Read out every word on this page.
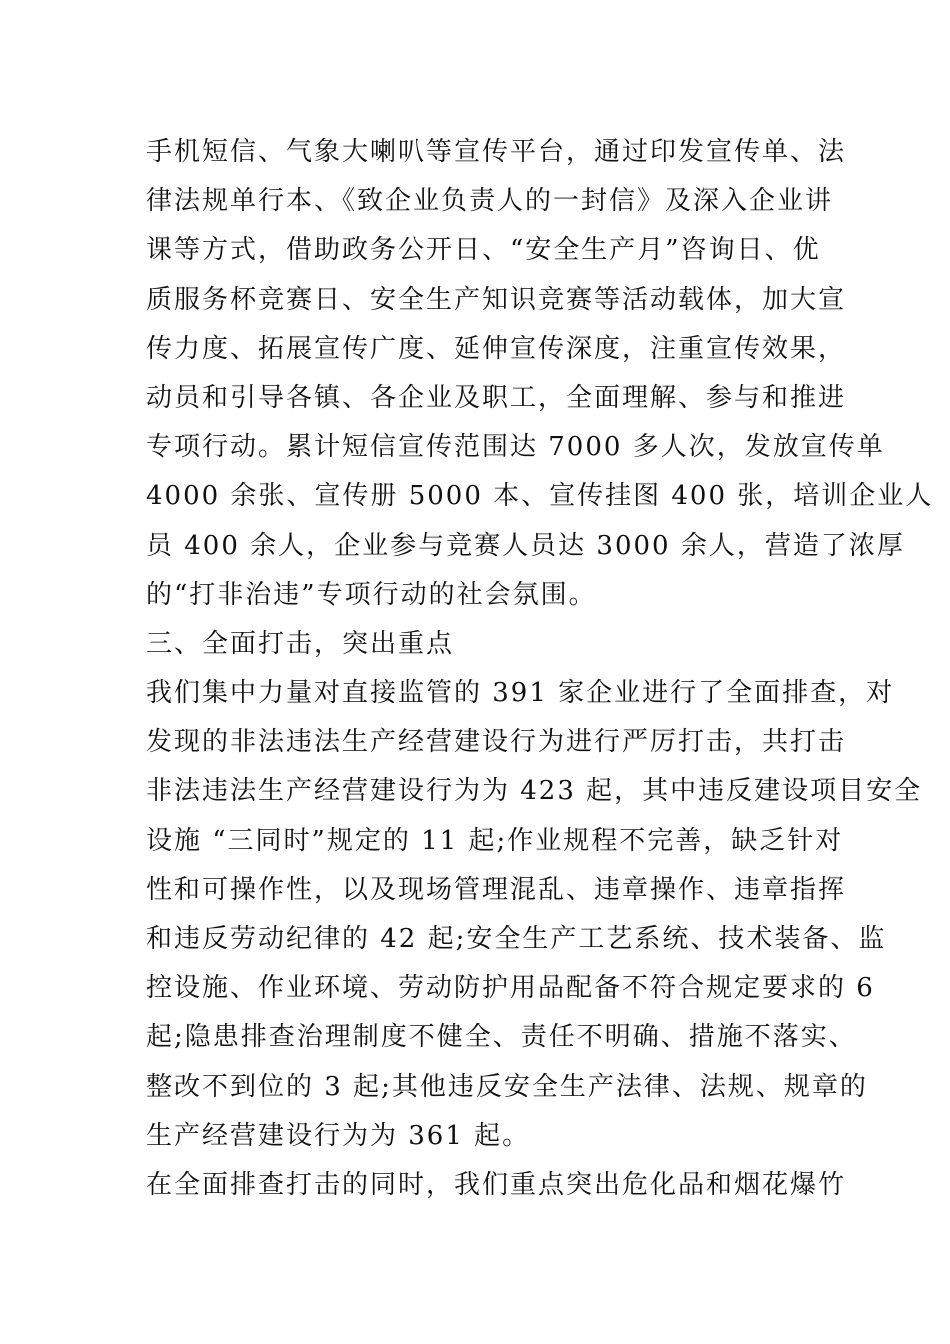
手机短信、气象大喇叭等宣传平台，通过印发宣传单、法
律法规单行本、《致企业负责人的一封信》及深入企业讲
课等方式，借助政务公开日、“安全生产月”咨询日、优
质服务杯竞赛日、安全生产知识竞赛等活动载体，加大宣
传力度、拓展宣传广度、延伸宣传深度，注重宣传效果，
动员和引导各镇、各企业及职工，全面理解、参与和推进
专项行动。累计短信宣传范围达 7000 多人次，发放宣传单
4000 余张、宣传册 5000 本、宣传挂图 400 张，培训企业人
员 400 余人，企业参与竞赛人员达 3000 余人，营造了浓厚
的“打非治违”专项行动的社会氛围。
三、全面打击，突出重点
我们集中力量对直接监管的 391 家企业进行了全面排查，对
发现的非法违法生产经营建设行为进行严厉打击，共打击
非法违法生产经营建设行为为 423 起，其中违反建设项目安全
设施 “三同时”规定的 11 起;作业规程不完善，缺乏针对
性和可操作性，以及现场管理混乱、违章操作、违章指挥
和违反劳动纪律的 42 起;安全生产工艺系统、技术装备、监
控设施、作业环境、劳动防护用品配备不符合规定要求的 6
起;隐患排查治理制度不健全、责任不明确、措施不落实、
整改不到位的 3 起;其他违反安全生产法律、法规、规章的
生产经营建设行为为 361 起。
在全面排查打击的同时，我们重点突出危化品和烟花爆竹
